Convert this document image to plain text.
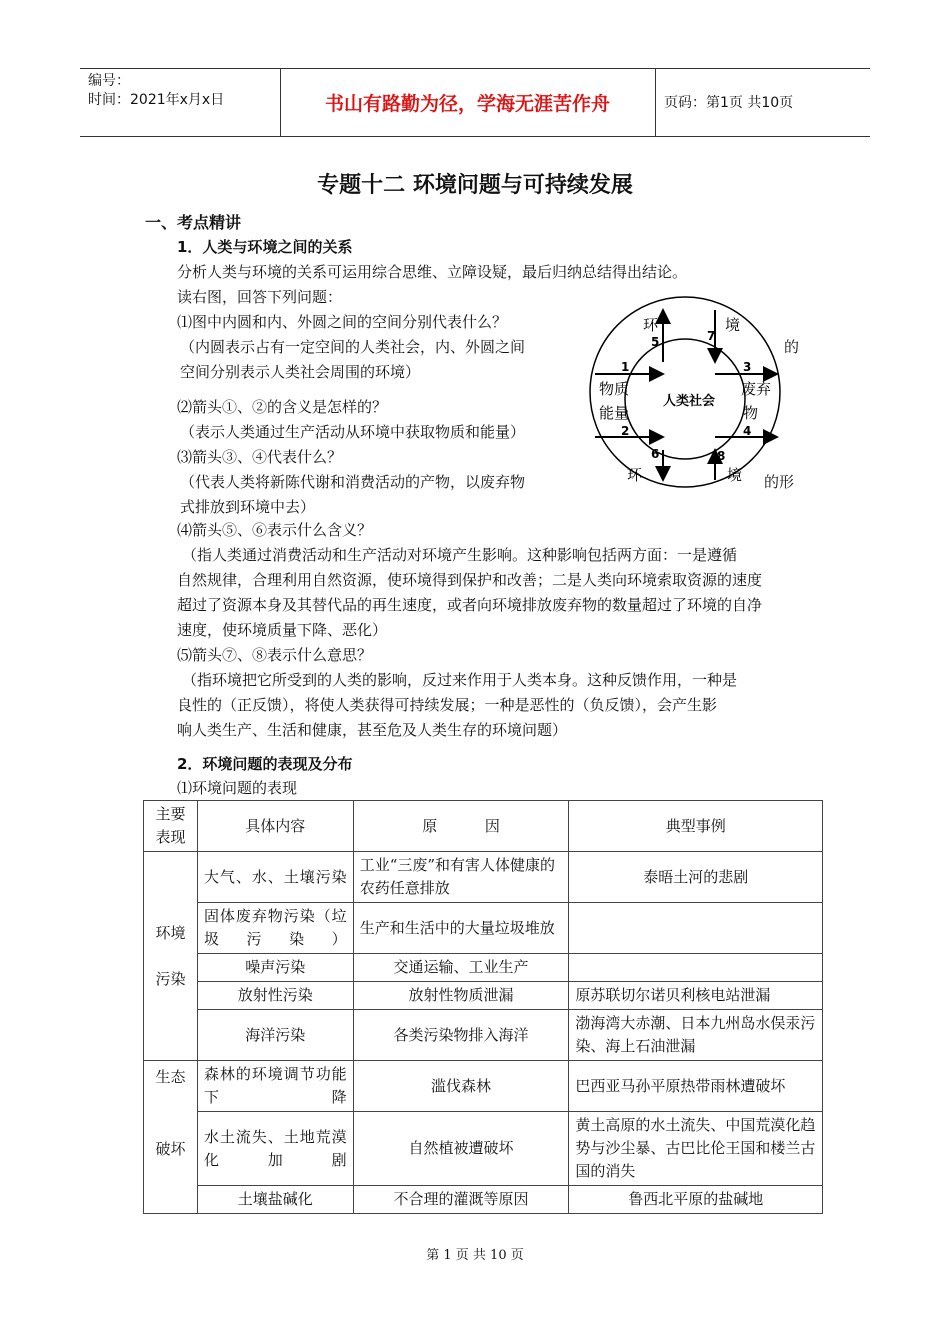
编号：
时间：2021年x月x日	书山有路勤为径，学海无涯苦作舟	页码：第1页 共10页
专题十二 环境问题与可持续发展
一、考点精讲
1．人类与环境之间的关系
分析人类与环境的关系可运用综合思维、立障设疑，最后归纳总结得出结论。
读右图，回答下列问题：
⑴图中内圆和内、外圆之间的空间分别代表什么？
（内圆表示占有一定空间的人类社会，内、外圆之间	的
空间分别表示人类社会周围的环境）
⑵箭头①、②的含义是怎样的？
（表示人类通过生产活动从环境中获取物质和能量）
⑶箭头③、④代表什么？
（代表人类将新陈代谢和消费活动的产物，以废弃物	的形
式排放到环境中去）
人类社会
物质
能量
废弃
物
环	境
环	境
1
2
3
4
5
6
7
8
⑷箭头⑤、⑥表示什么含义？
（指人类通过消费活动和生产活动对环境产生影响。这种影响包括两方面：一是遵循
自然规律，合理利用自然资源，使环境得到保护和改善；二是人类向环境索取资源的速度
超过了资源本身及其替代品的再生速度，或者向环境排放废弃物的数量超过了环境的自净
速度，使环境质量下降、恶化）
⑸箭头⑦、⑧表示什么意思？
（指环境把它所受到的人类的影响，反过来作用于人类本身。这种反馈作用，一种是
良性的（正反馈），将使人类获得可持续发展；一种是恶性的（负反馈），会产生影
响人类生产、生活和健康，甚至危及人类生存的环境问题）
2．环境问题的表现及分布
⑴环境问题的表现
主要表现	具体内容	原          因	典型事例

环境
污染	大气、水、土壤污染	工业“三废”和有害人体健康的农药任意排放	泰晤土河的悲剧
	固体废弃物污染（垃圾污染）	生产和生活中的大量垃圾堆放	
	噪声污染	交通运输、工业生产	
	放射性污染	放射性物质泄漏	原苏联切尔诺贝利核电站泄漏
	海洋污染	各类污染物排入海洋	渤海湾大赤潮、日本九州岛水俣汞污染、海上石油泄漏

生态
破坏	森林的环境调节功能下降	滥伐森林	巴西亚马孙平原热带雨林遭破坏
	水土流失、土地荒漠化加剧	自然植被遭破坏	黄土高原的水土流失、中国荒漠化趋势与沙尘暴、古巴比伦王国和楼兰古国的消失
	土壤盐碱化	不合理的灌溉等原因	鲁西北平原的盐碱地
第 1 页 共 10 页
